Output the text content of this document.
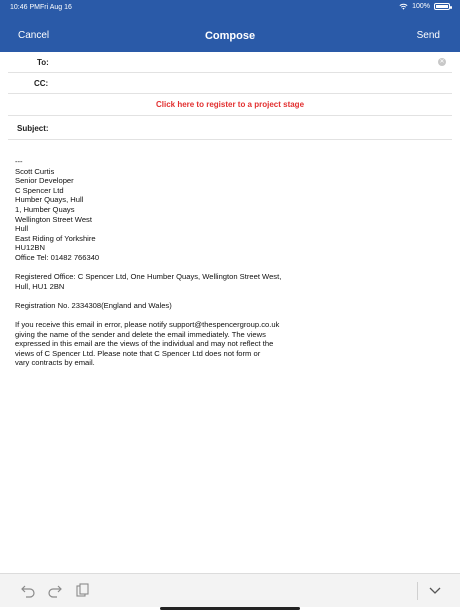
10:46 PM Fri Aug 16	100%
Cancel	Compose	Send
To:	✕
CC:
Click here to register to a project stage
Subject:
---
Scott Curtis
Senior Developer
C Spencer Ltd
Humber Quays, Hull
1, Humber Quays
Wellington Street West
Hull
East Riding of Yorkshire
HU12BN
Office Tel: 01482 766340
Registered Office: C Spencer Ltd, One Humber Quays, Wellington Street West,
Hull, HU1 2BN
Registration No. 2334308(England and Wales)
If you receive this email in error, please notify support@thespencergroup.co.uk
giving the name of the sender and delete the email immediately. The views
expressed in this email are the views of the individual and may not reflect the
views of C Spencer Ltd. Please note that C Spencer Ltd does not form or
vary contracts by email.
